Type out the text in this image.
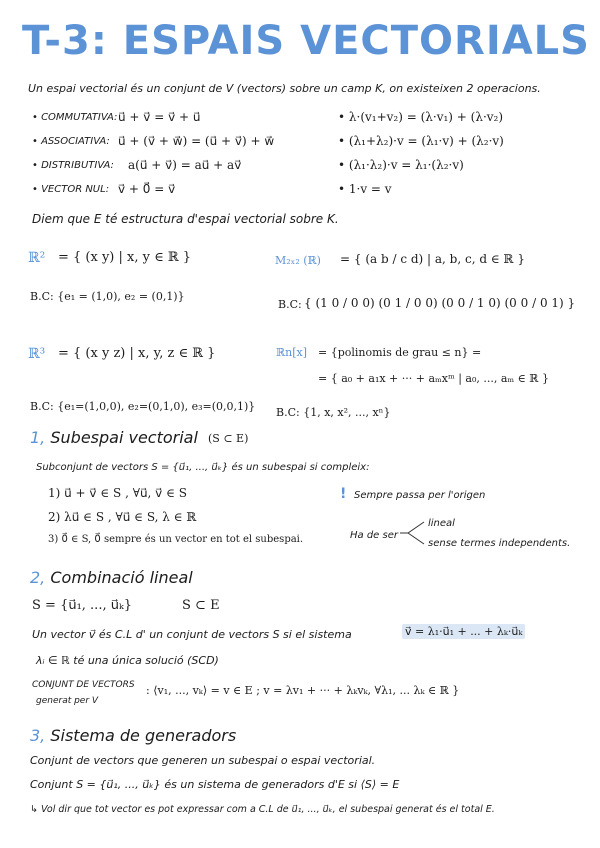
T-3: ESPAIS VECTORIALS
Un espai vectorial és un conjunt de V (vectors) sobre un camp K, on existeixen 2 operacions.
• COMMUTATIVA: u⃗ + v⃗ = v⃗ + u⃗
• ASSOCIATIVA: u⃗ + (v⃗ + w⃗) = (u⃗ + v⃗) + w⃗
• DISTRIBUTIVA: a(u⃗ + v⃗) = au⃗ + av⃗
• VECTOR NUL: v⃗ + 0⃗ = v⃗
• λ·(v₁+v₂) = (λ·v₁) + (λ·v₂)
• (λ₁+λ₂)·v = (λ₁·v) + (λ₂·v)
• (λ₁·λ₂)·v = λ₁·(λ₂·v)
• 1·v = v
Diem que E té estructura d'espai vectorial sobre K.
ℝ² = { (x y) | x, y ∈ ℝ }
B.C: {e₁ = (1,0), e₂ = (0,1)}
M₂ₓ₂ (ℝ) = { (a b / c d) | a, b, c, d ∈ ℝ }
B.C: { (1 0 / 0 0) (0 1 / 0 0) (0 0 / 1 0) (0 0 / 0 1) }
ℝ³ = { (x y z) | x, y, z ∈ ℝ }
B.C: {e₁=(1,0,0), e₂=(0,1,0), e₃=(0,0,1)}
ℝn[x] = {polinomis de grau ≤ n} =
= { a₀ + a₁x + ··· + aₘxᵐ | a₀, ..., aₘ ∈ ℝ }
B.C: {1, x, x², ..., xⁿ}
1, Subespai vectorial (S ⊂ E)
Subconjunt de vectors S = {u⃗₁, ..., u⃗ₖ} és un subespai si compleix:
1) u⃗ + v⃗ ∈ S , ∀u⃗, v⃗ ∈ S
2) λu⃗ ∈ S , ∀u⃗ ∈ S, λ ∈ ℝ
3) 0⃗ ∈ S, 0⃗ sempre és un vector en tot el subespai.
! Sempre passa per l'origen
Ha de ser
lineal
sense termes independents.
2, Combinació lineal
S = {u⃗₁, ..., u⃗ₖ}	S ⊂ E
Un vector v⃗ és C.L d' un conjunt de vectors S si el sistema	v⃗ = λ₁·u⃗₁ + ... + λₖ·u⃗ₖ
λᵢ ∈ ℝ té una única solució (SCD)
CONJUNT DE VECTORS
generat per V
: ⟨v₁, ..., vₖ⟩ = v ∈ E ; v = λv₁ + ··· + λₖvₖ, ∀λ₁, ... λₖ ∈ ℝ }
3, Sistema de generadors
Conjunt de vectors que generen un subespai o espai vectorial.
Conjunt S = {u⃗₁, ..., u⃗ₖ} és un sistema de generadors d'E si ⟨S⟩ = E
↳ Vol dir que tot vector es pot expressar com a C.L de u⃗₁, ..., u⃗ₖ, el subespai generat és el total E.
